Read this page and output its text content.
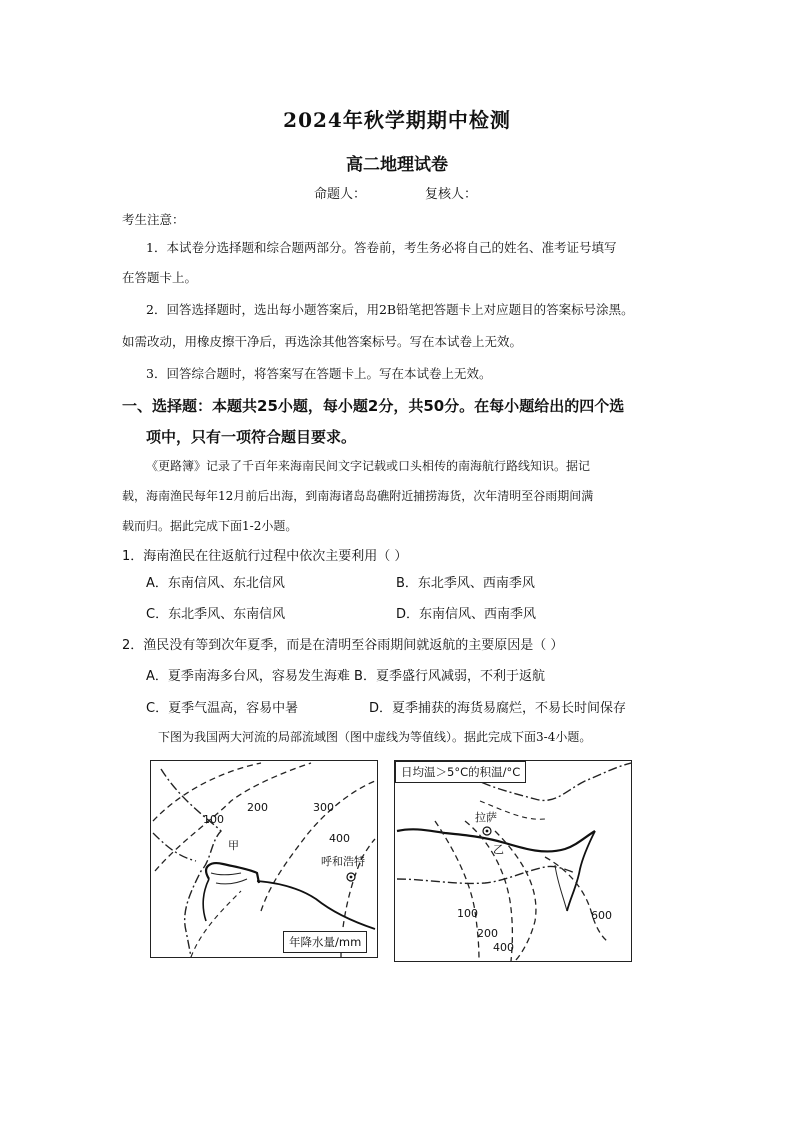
2024年秋学期期中检测
高二地理试卷
命题人：	复核人：
考生注意：
1．本试卷分选择题和综合题两部分。答卷前，考生务必将自己的姓名、准考证号填写
在答题卡上。
2．回答选择题时，选出每小题答案后，用2B铅笔把答题卡上对应题目的答案标号涂黑。
如需改动，用橡皮擦干净后，再选涂其他答案标号。写在本试卷上无效。
3．回答综合题时，将答案写在答题卡上。写在本试卷上无效。
一、选择题：本题共25小题，每小题2分，共50分。在每小题给出的四个选
项中，只有一项符合题目要求。
《更路簿》记录了千百年来海南民间文字记载或口头相传的南海航行路线知识。据记
载，海南渔民每年12月前后出海，到南海诸岛岛礁附近捕捞海货，次年清明至谷雨期间满
载而归。据此完成下面1-2小题。
1．海南渔民在往返航行过程中依次主要利用（ ）
A．东南信风、东北信风	B．东北季风、西南季风
C．东北季风、东南信风	D．东南信风、西南季风
2．渔民没有等到次年夏季，而是在清明至谷雨期间就返航的主要原因是（ ）
A．夏季南海多台风，容易发生海难 B．夏季盛行风减弱，不利于返航
C．夏季气温高，容易中暑	D．夏季捕获的海货易腐烂，不易长时间保存
下图为我国两大河流的局部流域图（图中虚线为等值线）。据此完成下面3-4小题。
100
200	300
400
甲
呼和浩特
年降水量/mm
日均温＞5°C的积温/°C
拉萨
乙
100
200
400
600
